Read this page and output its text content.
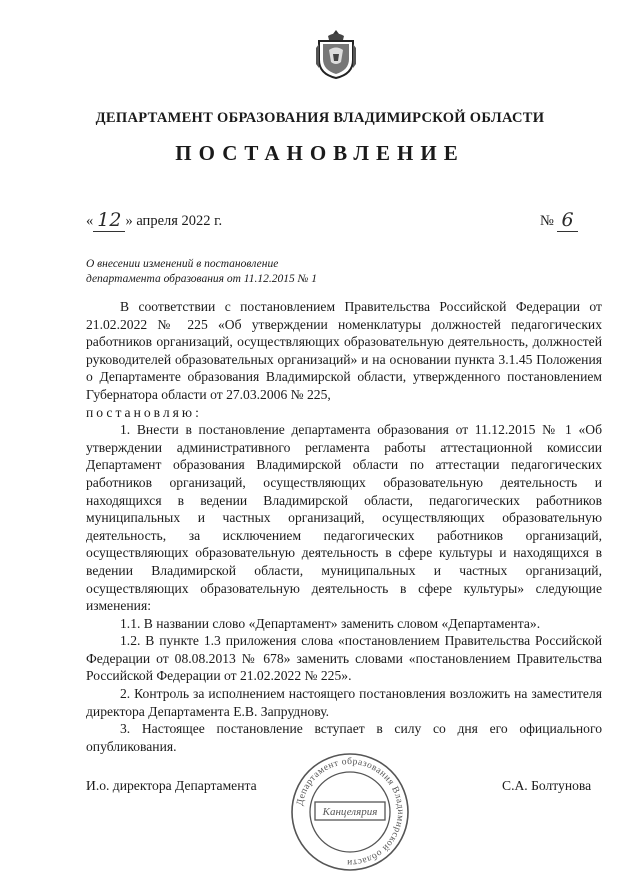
ДЕПАРТАМЕНТ ОБРАЗОВАНИЯ ВЛАДИМИРСКОЙ ОБЛАСТИ
ПОСТАНОВЛЕНИЕ
« 12 » апреля 2022 г.	№ 6
О внесении изменений в постановление
департамента образования от 11.12.2015 № 1

В соответствии с постановлением Правительства Российской Федерации от 21.02.2022 № 225 «Об утверждении номенклатуры должностей педагогических работников организаций, осуществляющих образовательную деятельность, должностей руководителей образовательных организаций» и на основании пункта 3.1.45 Положения о Департаменте образования Владимирской области, утвержденного постановлением Губернатора области от 27.03.2006 № 225,

постановляю:

1. Внести в постановление департамента образования от 11.12.2015 № 1 «Об утверждении административного регламента работы аттестационной комиссии Департамент образования Владимирской области по аттестации педагогических работников организаций, осуществляющих образовательную деятельность и находящихся в ведении Владимирской области, педагогических работников муниципальных и частных организаций, осуществляющих образовательную деятельность, за исключением педагогических работников организаций, осуществляющих образовательную деятельность в сфере культуры и находящихся в ведении Владимирской области, муниципальных и частных организаций, осуществляющих образовательную деятельность в сфере культуры» следующие изменения:

1.1. В названии слово «Департамент» заменить словом «Департамента».

1.2. В пункте 1.3 приложения слова «постановлением Правительства Российской Федерации от 08.08.2013 № 678» заменить словами «постановлением Правительства Российской Федерации от 21.02.2022 № 225».

2. Контроль за исполнением настоящего постановления возложить на заместителя директора Департамента Е.В. Запруднову.

3. Настоящее постановление вступает в силу со дня его официального опубликования.

И.о. директора Департамента	С.А. Болтунова
Департамент образования Владимирской области
Канцелярия
